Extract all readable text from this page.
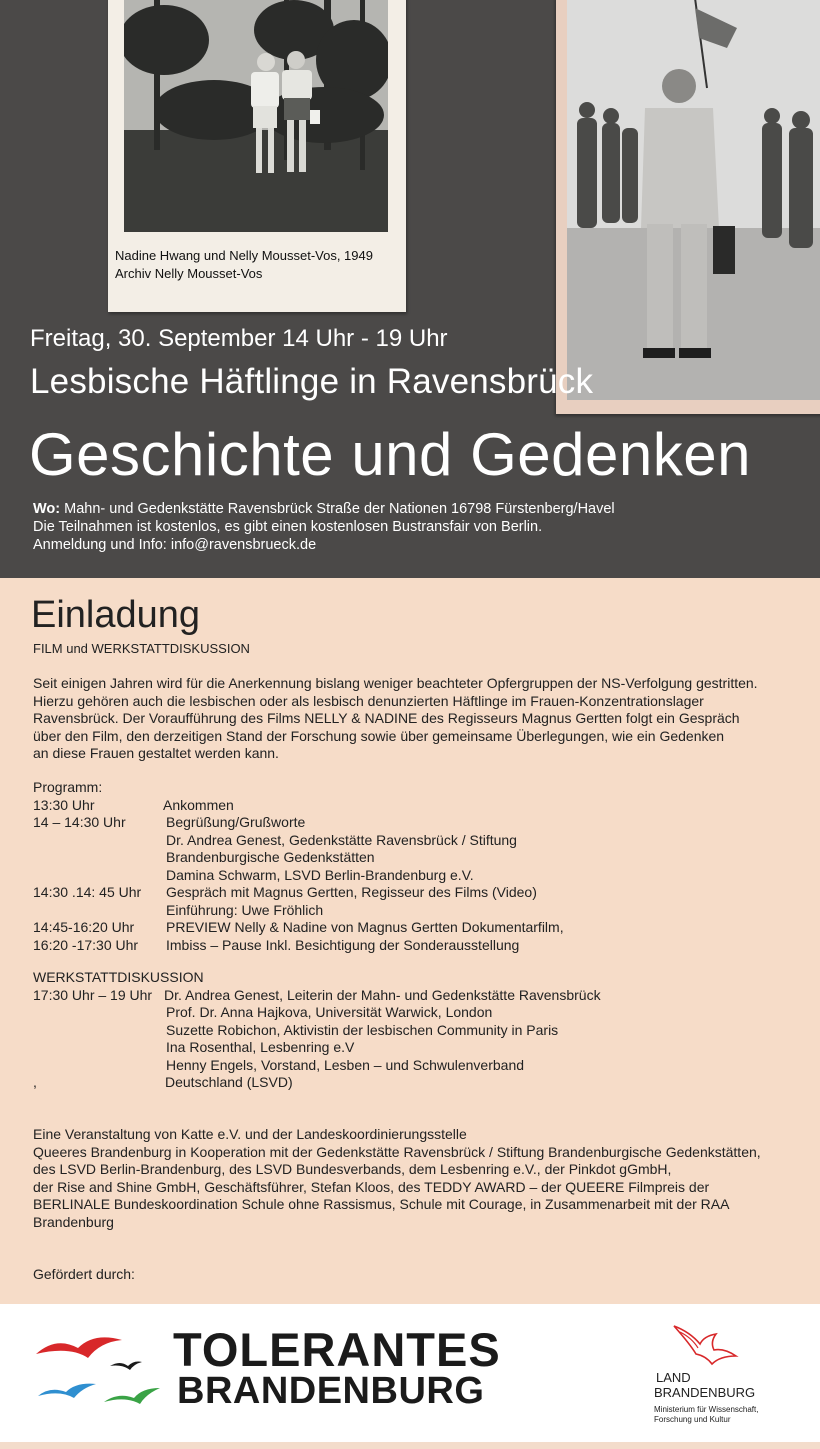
Nadine Hwang und Nelly Mousset-Vos, 1949
Archiv Nelly Mousset-Vos
Freitag, 30. September 14 Uhr - 19 Uhr
Lesbische Häftlinge in Ravensbrück
Geschichte und Gedenken
Wo: Mahn- und Gedenkstätte Ravensbrück Straße der Nationen 16798 Fürstenberg/Havel
Die Teilnahmen ist kostenlos, es gibt einen kostenlosen Bustransfair von Berlin.
Anmeldung und Info: info@ravensbrueck.de
Einladung
FILM und WERKSTATTDISKUSSION
Seit einigen Jahren wird für die Anerkennung bislang weniger beachteter Opfergruppen der NS-Verfolgung gestritten.
Hierzu gehören auch die lesbischen oder als lesbisch denunzierten Häftlinge im Frauen-Konzentrationslager
Ravensbrück. Der Voraufführung des Films NELLY & NADINE des Regisseurs Magnus Gertten folgt ein Gespräch
über den Film, den derzeitigen Stand der Forschung sowie über gemeinsame Überlegungen, wie ein Gedenken
an diese Frauen gestaltet werden kann.
Programm:
13:30 Uhr	Ankommen
14 – 14:30 Uhr	Begrüßung/Grußworte
Dr. Andrea Genest, Gedenkstätte Ravensbrück / Stiftung
Brandenburgische Gedenkstätten
Damina Schwarm, LSVD Berlin-Brandenburg e.V.
14:30 .14: 45 Uhr Gespräch mit Magnus Gertten, Regisseur des Films (Video)
Einführung: Uwe Fröhlich
14:45-16:20 Uhr PREVIEW Nelly & Nadine von Magnus Gertten Dokumentarfilm,
16:20 -17:30 Uhr Imbiss – Pause Inkl. Besichtigung der Sonderausstellung
WERKSTATTDISKUSSION
17:30 Uhr – 19 Uhr Dr. Andrea Genest, Leiterin der Mahn- und Gedenkstätte Ravensbrück
Prof. Dr. Anna Hajkova, Universität Warwick, London
Suzette Robichon, Aktivistin der lesbischen Community in Paris
Ina Rosenthal, Lesbenring e.V
Henny Engels, Vorstand, Lesben – und Schwulenverband
,	Deutschland (LSVD)
Eine Veranstaltung von Katte e.V. und der Landeskoordinierungsstelle
Queeres Brandenburg in Kooperation mit der Gedenkstätte Ravensbrück / Stiftung Brandenburgische Gedenkstätten,
des LSVD Berlin-Brandenburg, des LSVD Bundesverbands, dem Lesbenring e.V., der Pinkdot gGmbH,
der Rise and Shine GmbH, Geschäftsführer, Stefan Kloos, des TEDDY AWARD – der QUEERE Filmpreis der
BERLINALE Bundeskoordination Schule ohne Rassismus, Schule mit Courage, in Zusammenarbeit mit der RAA
Brandenburg
Gefördert durch:
TOLERANTES
BRANDENBURG	LAND
BRANDENBURG
Ministerium für Wissenschaft,
Forschung und Kultur
